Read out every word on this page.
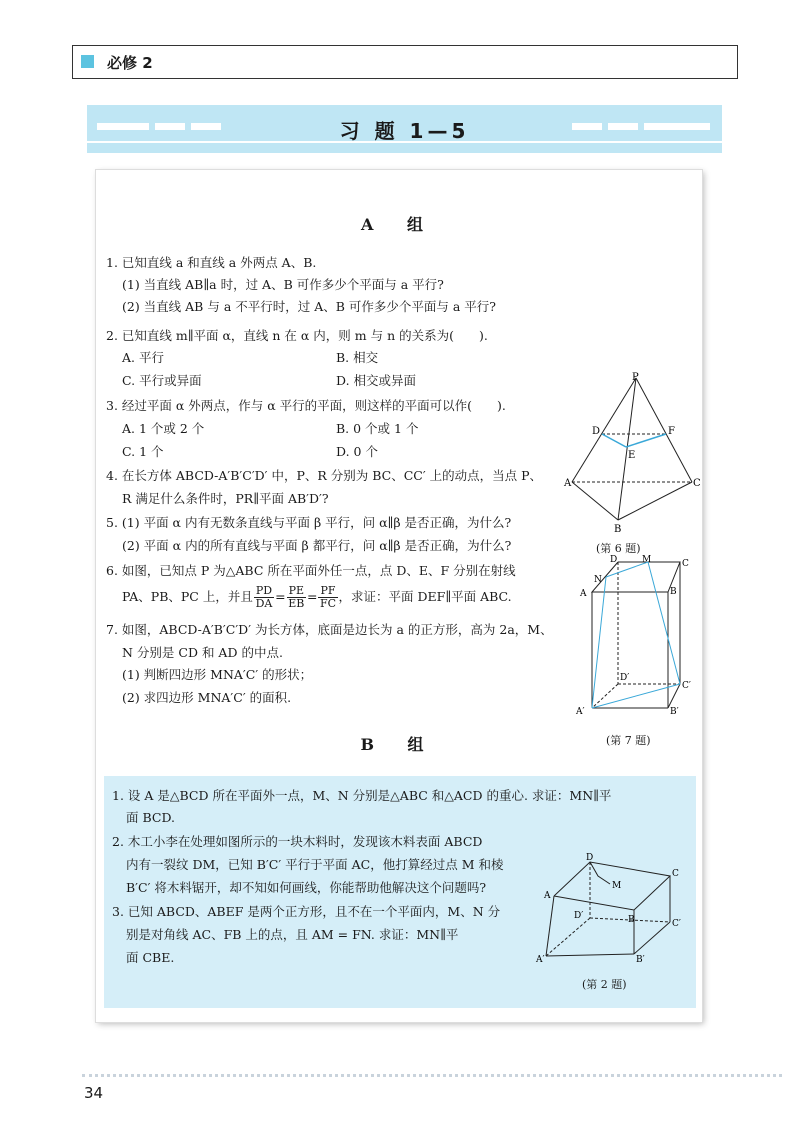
必修 2
习 题 1—5
A 组
1. 已知直线 a 和直线 a 外两点 A、B.
(1) 当直线 AB∥a 时，过 A、B 可作多少个平面与 a 平行?
(2) 当直线 AB 与 a 不平行时，过 A、B 可作多少个平面与 a 平行?
2. 已知直线 m∥平面 α，直线 n 在 α 内，则 m 与 n 的关系为(　　).
A. 平行	B. 相交
C. 平行或异面	D. 相交或异面
3. 经过平面 α 外两点，作与 α 平行的平面，则这样的平面可以作(　　).
A. 1 个或 2 个	B. 0 个或 1 个
C. 1 个	D. 0 个
4. 在长方体 ABCD-A′B′C′D′ 中，P、R 分别为 BC、CC′ 上的动点，当点 P、
R 满足什么条件时，PR∥平面 AB′D′?
5. (1) 平面 α 内有无数条直线与平面 β 平行，问 α∥β 是否正确，为什么?
(2) 平面 α 内的所有直线与平面 β 都平行，问 α∥β 是否正确，为什么?
6. 如图，已知点 P 为△ABC 所在平面外任一点，点 D、E、F 分别在射线
PA、PB、PC 上，并且 $\frac{PD}{DA} = \frac{PE}{EB} = \frac{PF}{FC}$ ，求证：平面 DEF∥平面 ABC.
7. 如图，ABCD-A′B′C′D′ 为长方体，底面是边长为 a 的正方形，高为 2a，M、
N 分别是 CD 和 AD 的中点.
(1) 判断四边形 MNA′C′ 的形状；
(2) 求四边形 MNA′C′ 的面积.
B 组
P
D	F
E
A	C
B
(第 6 题)
D	M	C
N
A	B
D′
C′
A′	B′
(第 7 题)
1. 设 A 是△BCD 所在平面外一点，M、N 分别是△ABC 和△ACD 的重心. 求证：MN∥平
面 BCD.
2. 木工小李在处理如图所示的一块木料时，发现该木料表面 ABCD
内有一裂纹 DM，已知 B′C′ 平行于平面 AC，他打算经过点 M 和棱
B′C′ 将木料锯开，却不知如何画线，你能帮助他解决这个问题吗?
3. 已知 ABCD、ABEF 是两个正方形，且不在一个平面内，M、N 分
别是对角线 AC、FB 上的点，且 AM = FN. 求证：MN∥平
面 CBE.
D
C
M
A
B
D′
C′
A′	B′
(第 2 题)
34
